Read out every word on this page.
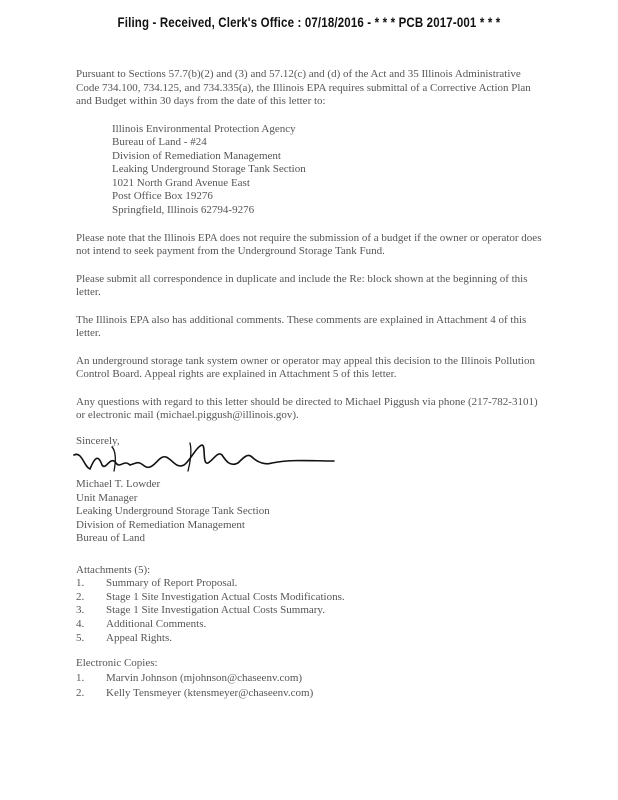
Filing - Received, Clerk's Office : 07/18/2016 - * * * PCB 2017-001 * * *

Pursuant to Sections 57.7(b)(2) and (3) and 57.12(c) and (d) of the Act and 35 Illinois Administrative Code 734.100, 734.125, and 734.335(a), the Illinois EPA requires submittal of a Corrective Action Plan and Budget within 30 days from the date of this letter to:

Illinois Environmental Protection Agency
Bureau of Land - #24
Division of Remediation Management
Leaking Underground Storage Tank Section
1021 North Grand Avenue East
Post Office Box 19276
Springfield, Illinois 62794-9276

Please note that the Illinois EPA does not require the submission of a budget if the owner or operator does not intend to seek payment from the Underground Storage Tank Fund.

Please submit all correspondence in duplicate and include the Re: block shown at the beginning of this letter.

The Illinois EPA also has additional comments. These comments are explained in Attachment 4 of this letter.

An underground storage tank system owner or operator may appeal this decision to the Illinois Pollution Control Board. Appeal rights are explained in Attachment 5 of this letter.

Any questions with regard to this letter should be directed to Michael Piggush via phone (217-782-3101) or electronic mail (michael.piggush@illinois.gov).

Sincerely,
Michael T. Lowder
Unit Manager
Leaking Underground Storage Tank Section
Division of Remediation Management
Bureau of Land
Attachments (5):
1.	Summary of Report Proposal.
2.	Stage 1 Site Investigation Actual Costs Modifications.
3.	Stage 1 Site Investigation Actual Costs Summary.
4.	Additional Comments.
5.	Appeal Rights.
Electronic Copies:
1.	Marvin Johnson (mjohnson@chaseenv.com)
2.	Kelly Tensmeyer (ktensmeyer@chaseenv.com)
